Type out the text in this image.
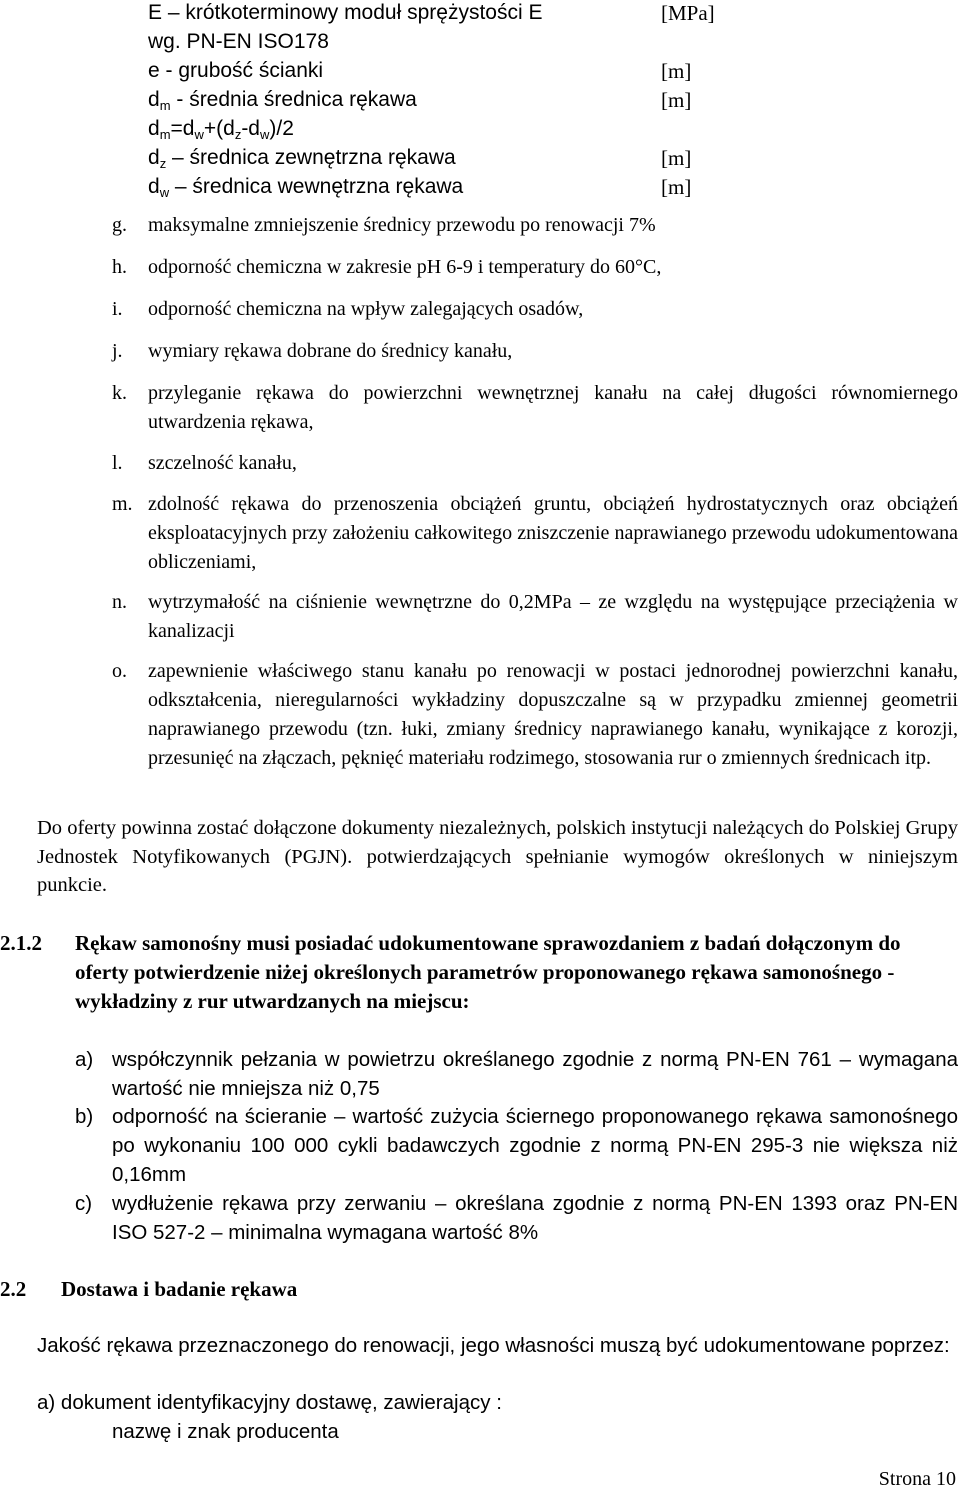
E – krótkoterminowy moduł sprężystości E	[MPa]
wg. PN-EN ISO178
e - grubość ścianki	[m]
$d_m$ - średnia średnica rękawa	[m]
$d_m=d_w+(d_z-d_w)/2$
$d_z$ – średnica zewnętrzna rękawa	[m]
$d_w$ – średnica wewnętrzna rękawa	[m]
g.	maksymalne zmniejszenie średnicy przewodu po renowacji 7%
h.	odporność chemiczna w zakresie pH 6-9 i temperatury do 60°C,
i.	odporność chemiczna na wpływ zalegających osadów,
j.	wymiary rękawa dobrane do średnicy kanału,
k.	przyleganie rękawa do powierzchni wewnętrznej kanału na całej długości równomiernego utwardzenia rękawa,
l.	szczelność kanału,
m. zdolność rękawa do przenoszenia obciążeń gruntu, obciążeń hydrostatycznych oraz obciążeń eksploatacyjnych przy założeniu całkowitego zniszczenie naprawianego przewodu udokumentowana obliczeniami,
n.	wytrzymałość na ciśnienie wewnętrzne do 0,2MPa – ze względu na występujące przeciążenia w kanalizacji
o.	zapewnienie właściwego stanu kanału po renowacji w postaci jednorodnej powierzchni kanału, odkształcenia, nieregularności wykładziny dopuszczalne są w przypadku zmiennej geometrii naprawianego przewodu (tzn. łuki, zmiany średnicy naprawianego kanału, wynikające z korozji, przesunięć na złączach, pęknięć materiału rodzimego, stosowania rur o zmiennych średnicach itp.
Do oferty powinna zostać dołączone dokumenty niezależnych, polskich instytucji należących do Polskiej Grupy Jednostek Notyfikowanych (PGJN). potwierdzających spełnianie wymogów określonych w niniejszym punkcie.
2.1.2 Rękaw samonośny musi posiadać udokumentowane sprawozdaniem z badań dołączonym do oferty potwierdzenie niżej określonych parametrów proponowanego rękawa samonośnego - wykładziny z rur utwardzanych na miejscu:
a) współczynnik pełzania w powietrzu określanego zgodnie z normą PN-EN 761 – wymagana wartość nie mniejsza niż 0,75
b) odporność na ścieranie – wartość zużycia ściernego proponowanego rękawa samonośnego po wykonaniu 100 000 cykli badawczych zgodnie z normą PN-EN 295-3 nie większa niż 0,16mm
c) wydłużenie rękawa przy zerwaniu – określana zgodnie z normą PN-EN 1393 oraz PN-EN ISO 527-2 – minimalna wymagana wartość 8%
2.2 Dostawa i badanie rękawa
Jakość rękawa przeznaczonego do renowacji, jego własności muszą być udokumentowane poprzez:
a) dokument identyfikacyjny dostawę, zawierający :
nazwę i znak producenta
Strona 10
